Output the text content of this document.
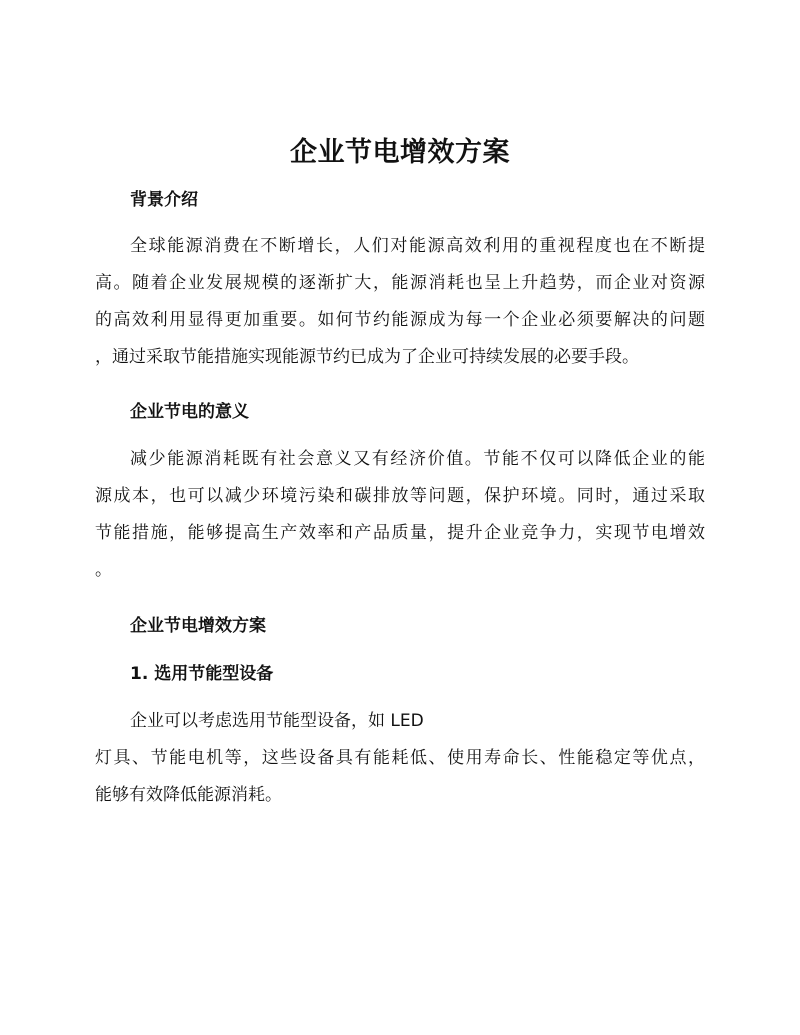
企业节电增效方案
背景介绍
全球能源消费在不断增长，人们对能源高效利用的重视程度也在不断提
高。随着企业发展规模的逐渐扩大，能源消耗也呈上升趋势，而企业对资源
的高效利用显得更加重要。如何节约能源成为每一个企业必须要解决的问题
，通过采取节能措施实现能源节约已成为了企业可持续发展的必要手段。
企业节电的意义
减少能源消耗既有社会意义又有经济价值。节能不仅可以降低企业的能
源成本，也可以减少环境污染和碳排放等问题，保护环境。同时，通过采取
节能措施，能够提高生产效率和产品质量，提升企业竞争力，实现节电增效
。
企业节电增效方案
1. 选用节能型设备
企业可以考虑选用节能型设备，如 LED
灯具、节能电机等，这些设备具有能耗低、使用寿命长、性能稳定等优点，
能够有效降低能源消耗。
